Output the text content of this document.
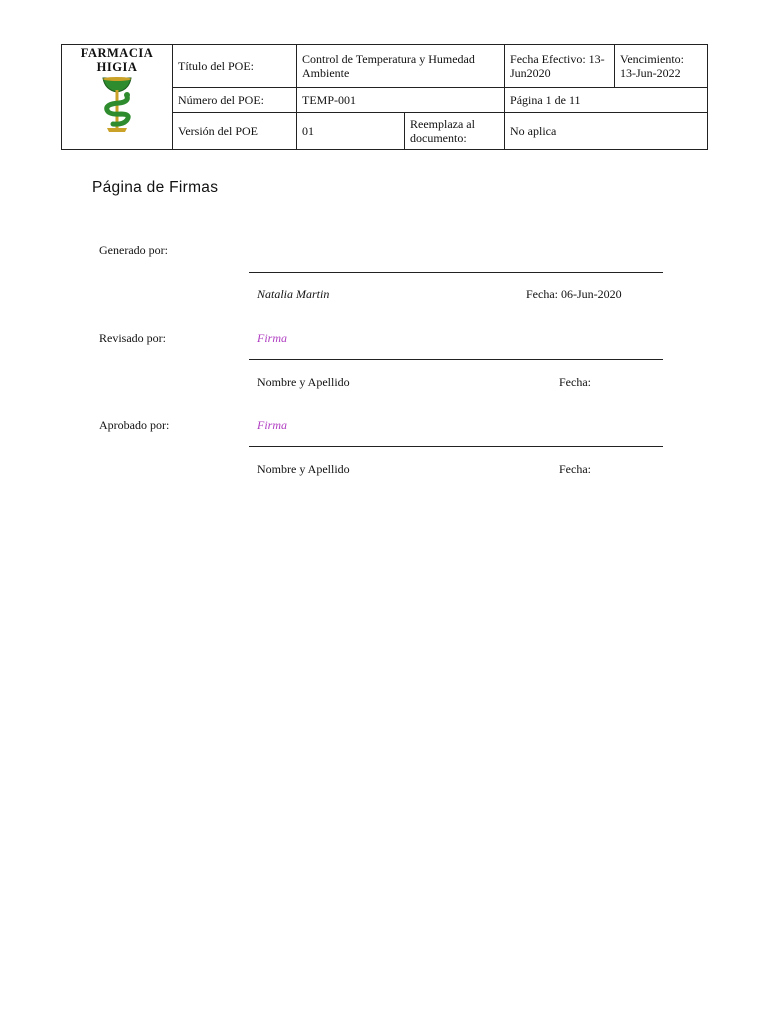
FARMACIA HIGIA	Título del POE:	Control de Temperatura y Humedad Ambiente		Fecha Efectivo: 13-Jun2020	Vencimiento: 13-Jun-2022
	Número del POE:	TEMP-001		Página 1 de 11	
	Versión del POE	01	Reemplaza al documento:	No aplica	
Página de Firmas
Generado por:
Natalia Martin	Fecha: 06-Jun-2020
Revisado por:	Firma
Nombre y Apellido	Fecha:
Aprobado por:	Firma
Nombre y Apellido	Fecha:
